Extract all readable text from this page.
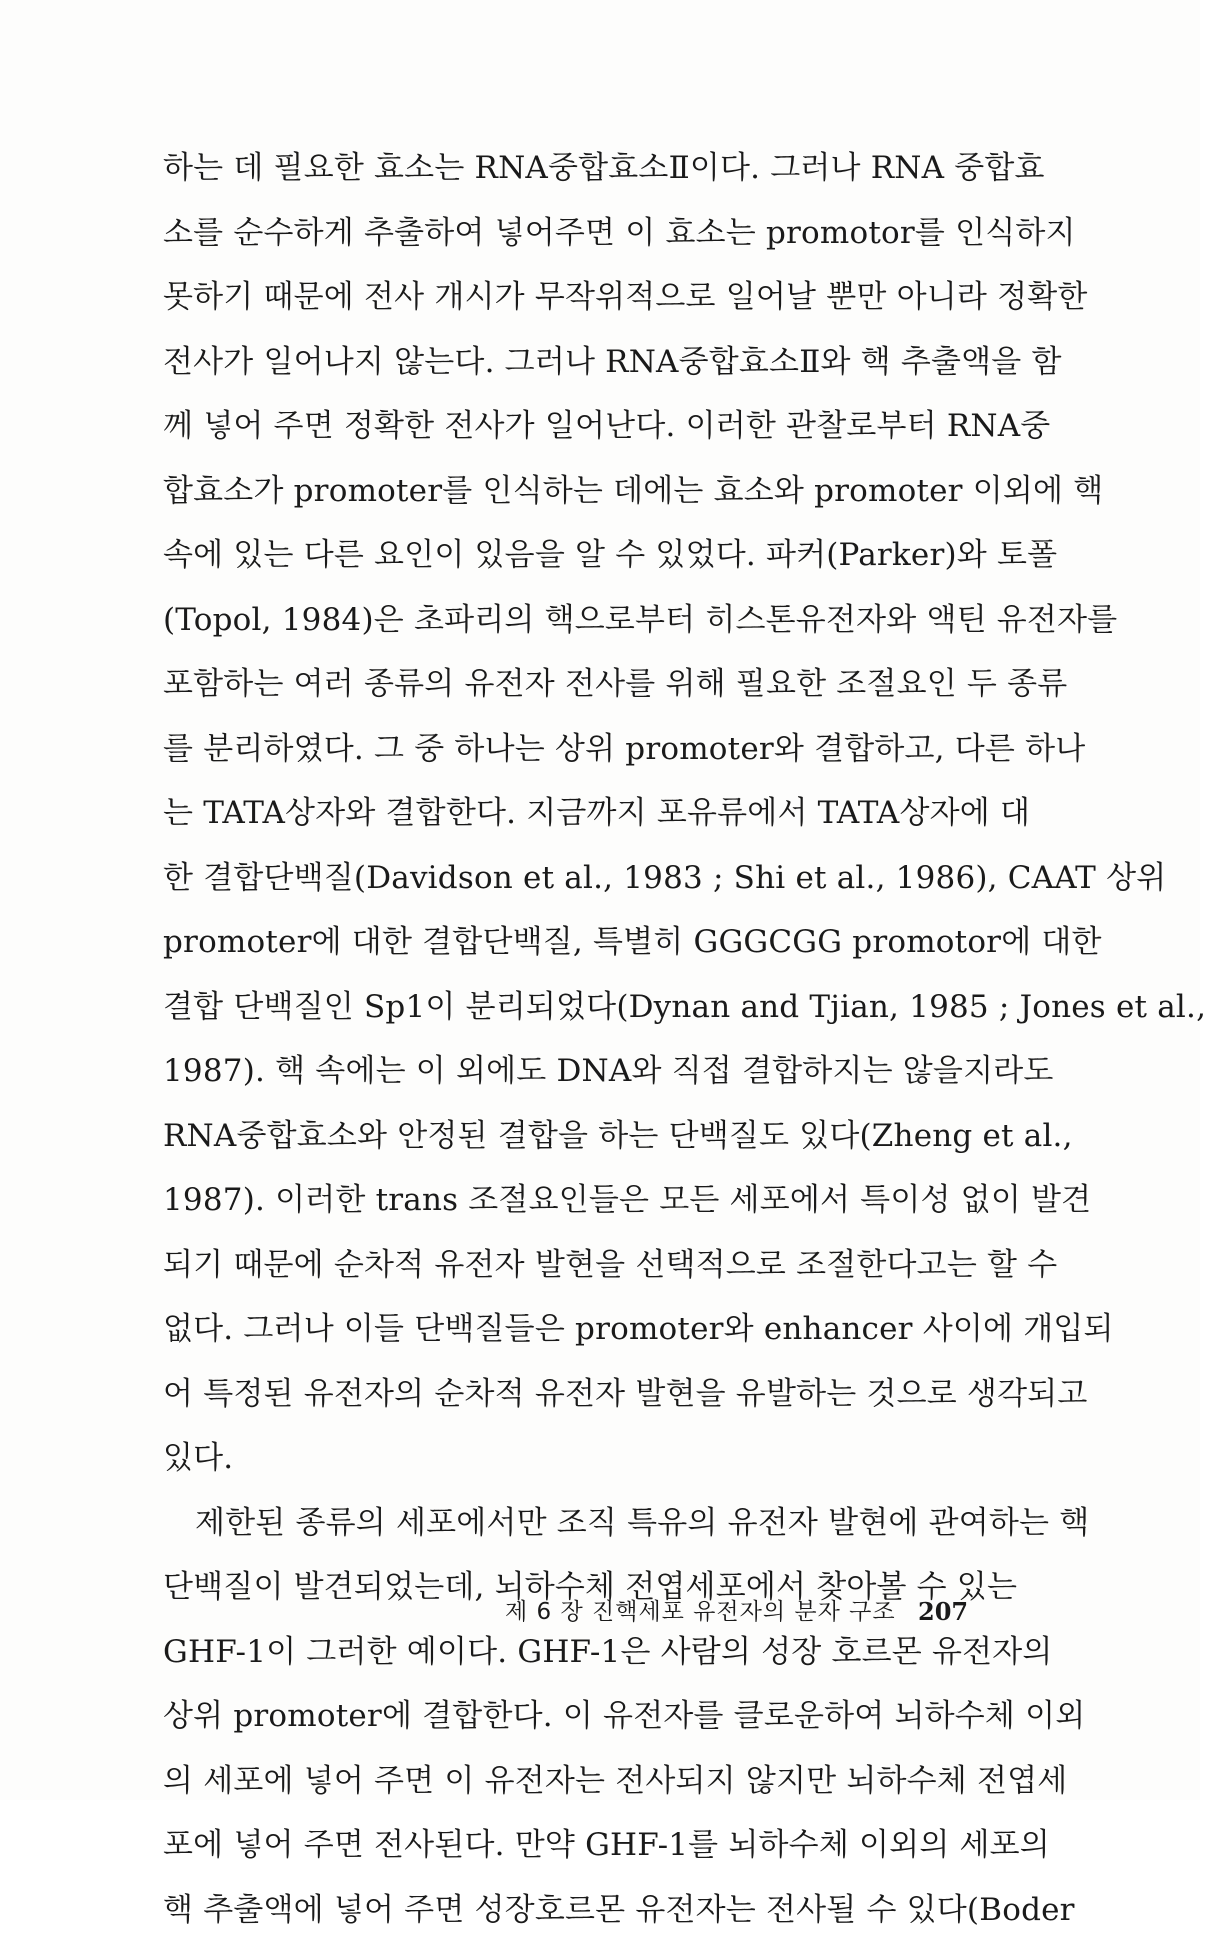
하는 데 필요한 효소는 RNA중합효소Ⅱ이다. 그러나 RNA 중합효
소를 순수하게 추출하여 넣어주면 이 효소는 promotor를 인식하지
못하기 때문에 전사 개시가 무작위적으로 일어날 뿐만 아니라 정확한
전사가 일어나지 않는다. 그러나 RNA중합효소Ⅱ와 핵 추출액을 함
께 넣어 주면 정확한 전사가 일어난다. 이러한 관찰로부터 RNA중
합효소가 promoter를 인식하는 데에는 효소와 promoter 이외에 핵
속에 있는 다른 요인이 있음을 알 수 있었다. 파커(Parker)와 토폴
(Topol, 1984)은 초파리의 핵으로부터 히스톤유전자와 액틴 유전자를
포함하는 여러 종류의 유전자 전사를 위해 필요한 조절요인 두 종류
를 분리하였다. 그 중 하나는 상위 promoter와 결합하고, 다른 하나
는 TATA상자와 결합한다. 지금까지 포유류에서 TATA상자에 대
한 결합단백질(Davidson et al., 1983 ; Shi et al., 1986), CAAT 상위
promoter에 대한 결합단백질, 특별히 GGGCGG promotor에 대한
결합 단백질인 Sp1이 분리되었다(Dynan and Tjian, 1985 ; Jones et al.,
1987). 핵 속에는 이 외에도 DNA와 직접 결합하지는 않을지라도
RNA중합효소와 안정된 결합을 하는 단백질도 있다(Zheng et al.,
1987). 이러한 trans 조절요인들은 모든 세포에서 특이성 없이 발견
되기 때문에 순차적 유전자 발현을 선택적으로 조절한다고는 할 수
없다. 그러나 이들 단백질들은 promoter와 enhancer 사이에 개입되
어 특정된 유전자의 순차적 유전자 발현을 유발하는 것으로 생각되고
있다.
제한된 종류의 세포에서만 조직 특유의 유전자 발현에 관여하는 핵
단백질이 발견되었는데, 뇌하수체 전엽세포에서 찾아볼 수 있는
GHF-1이 그러한 예이다. GHF-1은 사람의 성장 호르몬 유전자의
상위 promoter에 결합한다. 이 유전자를 클로운하여 뇌하수체 이외
의 세포에 넣어 주면 이 유전자는 전사되지 않지만 뇌하수체 전엽세
포에 넣어 주면 전사된다. 만약 GHF-1를 뇌하수체 이외의 세포의
핵 추출액에 넣어 주면 성장호르몬 유전자는 전사될 수 있다(Boder
제 6 장 진핵세포 유전자의 분자 구조 207
